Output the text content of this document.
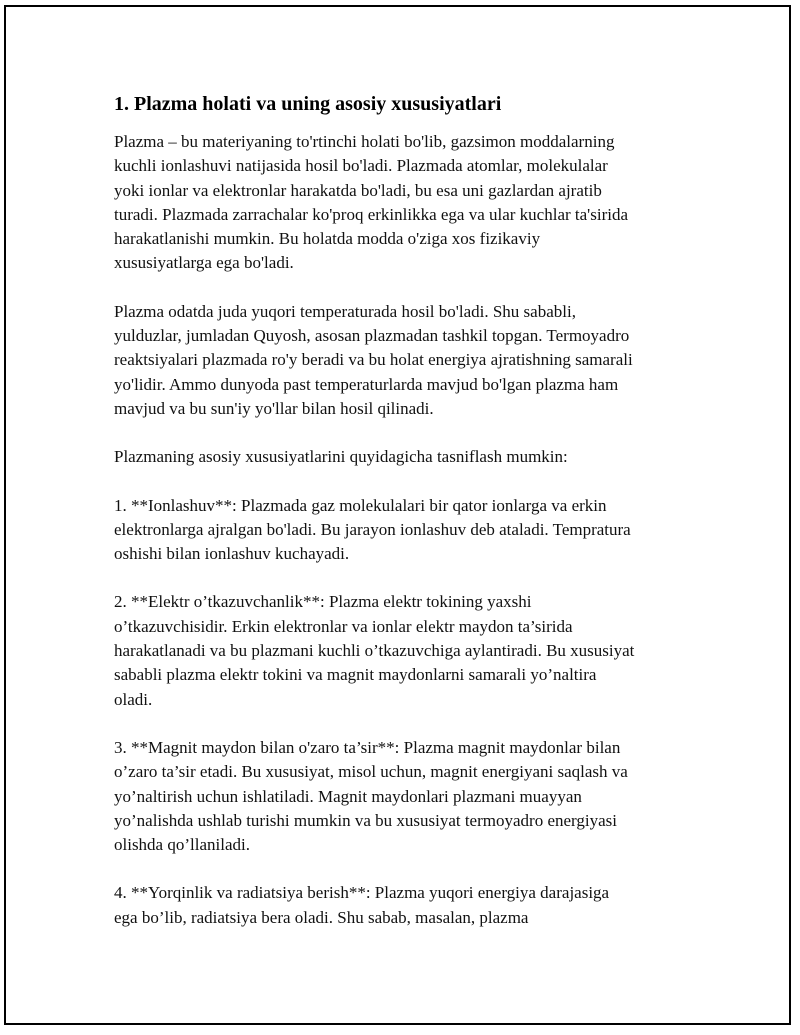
1. Plazma holati va uning asosiy xususiyatlari

Plazma – bu materiyaning to'rtinchi holati bo'lib, gazsimon moddalarning
kuchli ionlashuvi natijasida hosil bo'ladi. Plazmada atomlar, molekulalar
yoki ionlar va elektronlar harakatda bo'ladi, bu esa uni gazlardan ajratib
turadi. Plazmada zarrachalar ko'proq erkinlikka ega va ular kuchlar ta'sirida
harakatlanishi mumkin. Bu holatda modda o'ziga xos fizikaviy
xususiyatlarga ega bo'ladi.

Plazma odatda juda yuqori temperaturada hosil bo'ladi. Shu sababli,
yulduzlar, jumladan Quyosh, asosan plazmadan tashkil topgan. Termoyadro
reaktsiyalari plazmada ro'y beradi va bu holat energiya ajratishning samarali
yo'lidir. Ammo dunyoda past temperaturlarda mavjud bo'lgan plazma ham
mavjud va bu sun'iy yo'llar bilan hosil qilinadi.

Plazmaning asosiy xususiyatlarini quyidagicha tasniflash mumkin:

1. **Ionlashuv**: Plazmada gaz molekulalari bir qator ionlarga va erkin
elektronlarga ajralgan bo'ladi. Bu jarayon ionlashuv deb ataladi. Tempratura
oshishi bilan ionlashuv kuchayadi.

2. **Elektr o’tkazuvchanlik**: Plazma elektr tokining yaxshi
o’tkazuvchisidir. Erkin elektronlar va ionlar elektr maydon ta’sirida
harakatlanadi va bu plazmani kuchli o’tkazuvchiga aylantiradi. Bu xususiyat
sababli plazma elektr tokini va magnit maydonlarni samarali yo’naltira
oladi.

3. **Magnit maydon bilan o'zaro ta’sir**: Plazma magnit maydonlar bilan
o’zaro ta’sir etadi. Bu xususiyat, misol uchun, magnit energiyani saqlash va
yo’naltirish uchun ishlatiladi. Magnit maydonlari plazmani muayyan
yo’nalishda ushlab turishi mumkin va bu xususiyat termoyadro energiyasi
olishda qo’llaniladi.

4. **Yorqinlik va radiatsiya berish**: Plazma yuqori energiya darajasiga
ega bo’lib, radiatsiya bera oladi. Shu sabab, masalan, plazma
